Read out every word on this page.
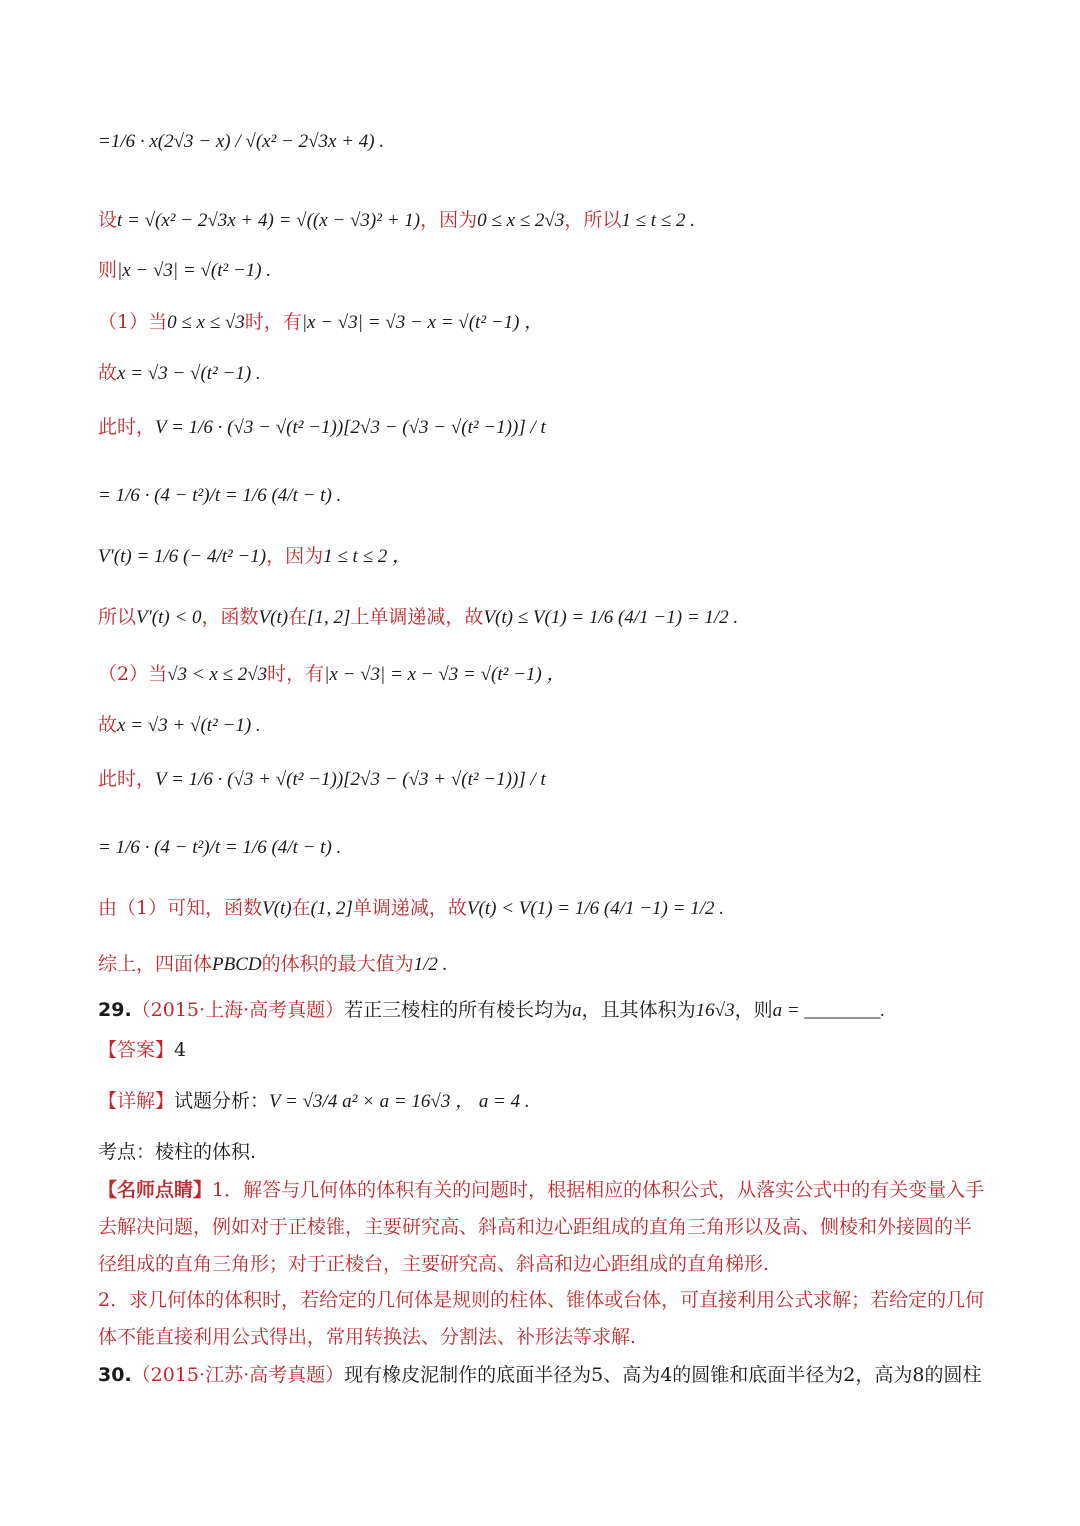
=1/6 · x(2√3 − x) / √(x² − 2√3x + 4) .
设t = √(x² − 2√3x + 4) = √((x − √3)² + 1)，因为0 ≤ x ≤ 2√3，所以1 ≤ t ≤ 2 .
则|x − √3| = √(t² −1) .
（1）当0 ≤ x ≤ √3时，有|x − √3| = √3 − x = √(t² −1) ，
故x = √3 − √(t² −1) .
此时，V = 1/6 · (√3 − √(t² −1))[2√3 − (√3 − √(t² −1))] / t
= 1/6 · (4 − t²)/t = 1/6 (4/t − t) .
V′(t) = 1/6 (− 4/t² −1)，因为1 ≤ t ≤ 2 ，
所以V′(t) < 0，函数V(t)在[1, 2]上单调递减，故V(t) ≤ V(1) = 1/6 (4/1 −1) = 1/2 .
（2）当√3 < x ≤ 2√3时，有|x − √3| = x − √3 = √(t² −1) ，
故x = √3 + √(t² −1) .
此时，V = 1/6 · (√3 + √(t² −1))[2√3 − (√3 + √(t² −1))] / t
= 1/6 · (4 − t²)/t = 1/6 (4/t − t) .
由（1）可知，函数V(t)在(1, 2]单调递减，故V(t) < V(1) = 1/6 (4/1 −1) = 1/2 .
综上，四面体PBCD的体积的最大值为1/2 .
29.（2015·上海·高考真题）若正三棱柱的所有棱长均为a，且其体积为16√3，则a = ________.
【答案】4
【详解】试题分析：V = √3/4 a² × a = 16√3 ， a = 4 .
考点：棱柱的体积.
【名师点睛】1．解答与几何体的体积有关的问题时，根据相应的体积公式，从落实公式中的有关变量入手去解决问题，例如对于正棱锥，主要研究高、斜高和边心距组成的直角三角形以及高、侧棱和外接圆的半径组成的直角三角形；对于正棱台，主要研究高、斜高和边心距组成的直角梯形.
2．求几何体的体积时，若给定的几何体是规则的柱体、锥体或台体，可直接利用公式求解；若给定的几何体不能直接利用公式得出，常用转换法、分割法、补形法等求解.
30.（2015·江苏·高考真题）现有橡皮泥制作的底面半径为5、高为4的圆锥和底面半径为2，高为8的圆柱
